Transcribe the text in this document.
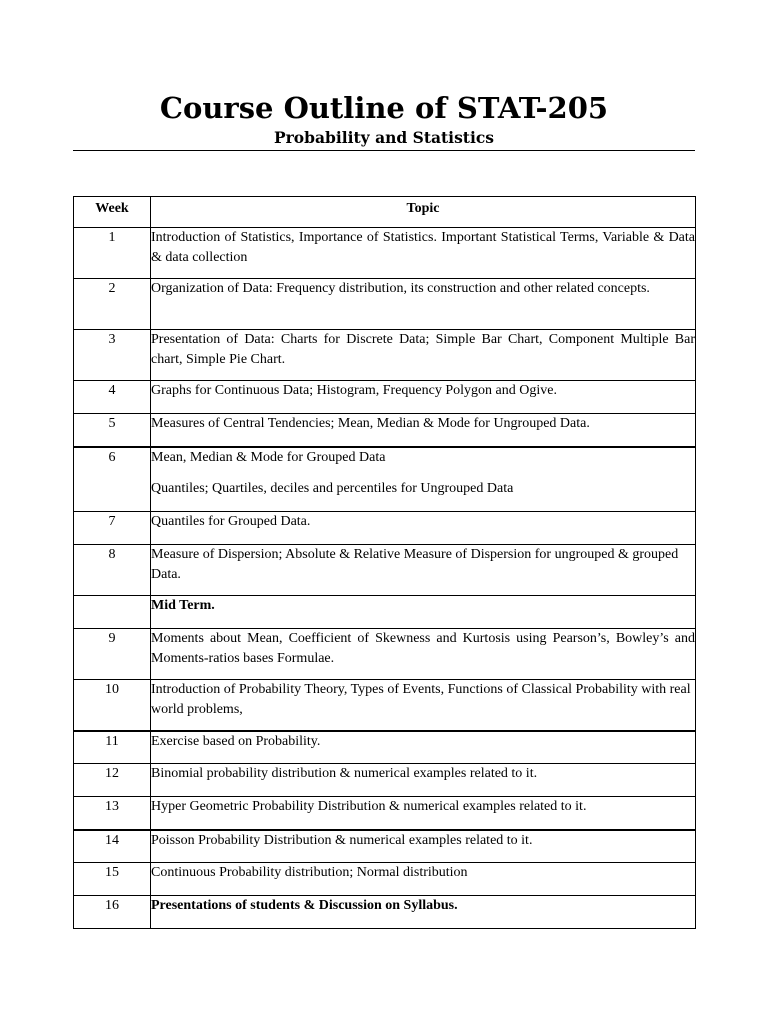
Course Outline of STAT-205
Probability and Statistics
Week	Topic
1	Introduction of Statistics, Importance of Statistics. Important Statistical Terms, Variable & Data & data collection
2	Organization of Data: Frequency distribution, its construction and other related concepts.
3	Presentation of Data: Charts for Discrete Data; Simple Bar Chart, Component Multiple Bar chart, Simple Pie Chart.
4	Graphs for Continuous Data; Histogram, Frequency Polygon and Ogive.
5	Measures of Central Tendencies; Mean, Median & Mode for Ungrouped Data.
6	Mean, Median & Mode for Grouped Data
Quantiles; Quartiles, deciles and percentiles for Ungrouped Data

7	Quantiles for Grouped Data.
8	Measure of Dispersion; Absolute & Relative Measure of Dispersion for ungrouped & grouped Data.
	Mid Term.
9	Moments about Mean, Coefficient of Skewness and Kurtosis using Pearson’s, Bowley’s and Moments-ratios bases Formulae.
10	Introduction of Probability Theory, Types of Events, Functions of Classical Probability with real world problems,
11	Exercise based on Probability.
12	Binomial probability distribution & numerical examples related to it.
13	Hyper Geometric Probability Distribution & numerical examples related to it.
14	Poisson Probability Distribution & numerical examples related to it.
15	Continuous Probability distribution; Normal distribution
16	Presentations of students & Discussion on Syllabus.
